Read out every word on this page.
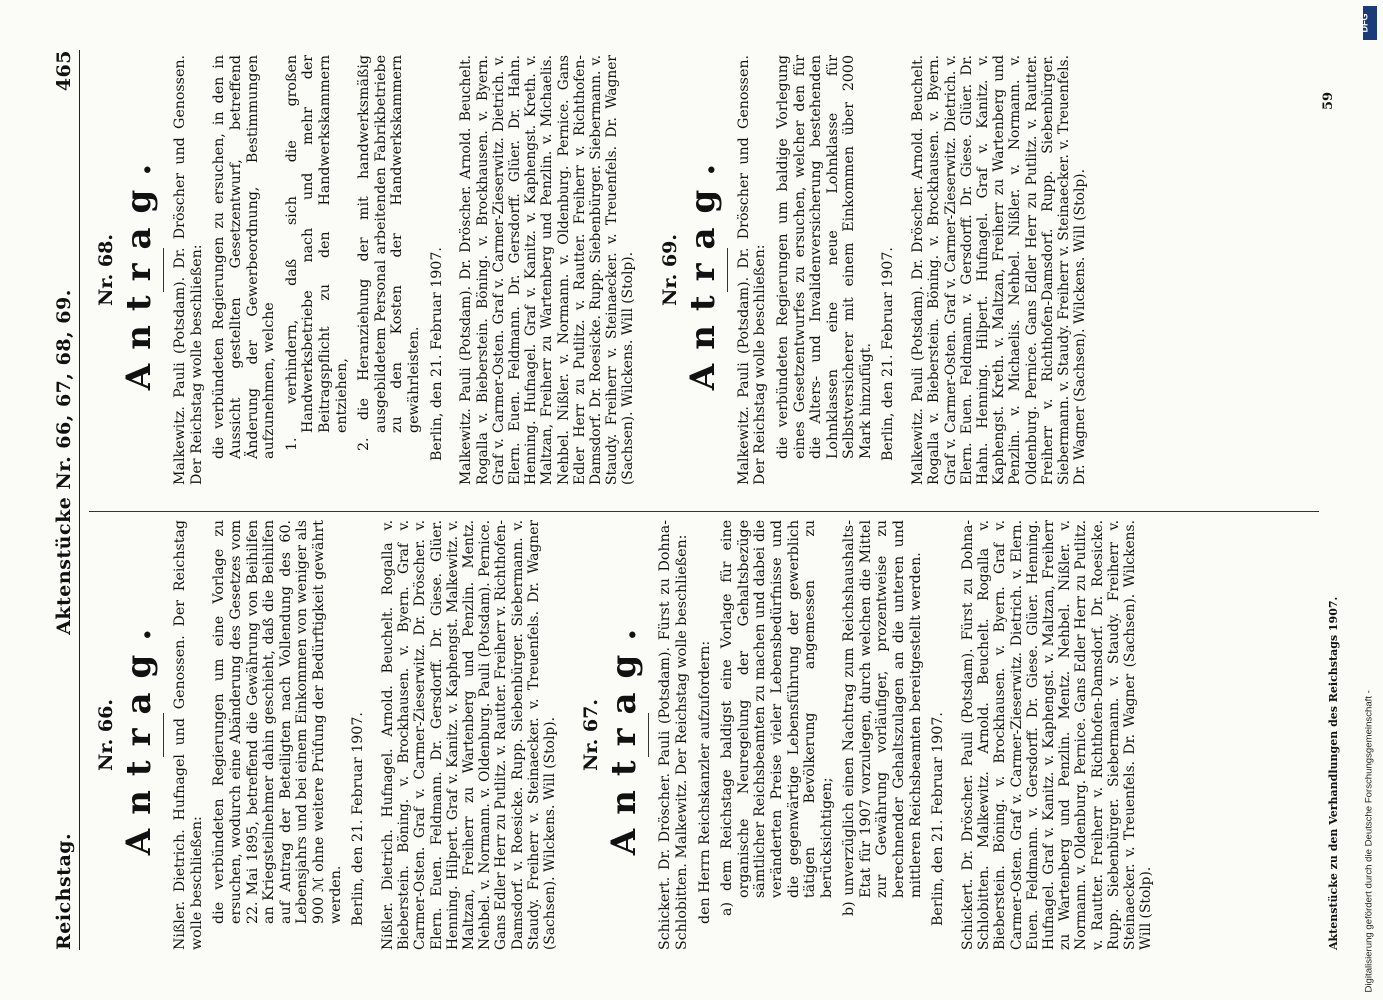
Reichstag.
Aktenstücke Nr. 66, 67, 68, 69.
465
Nr. 66. Antrag. Nißler. Dietrich. Hufnagel und Genossen. Der Reichstag wolle beschließen: die verbündeten Regierungen um eine Vorlage zu ersuchen, wodurch eine Abänderung des Gesetzes vom 22. Mai 1895, betreffend die Gewährung von Beihilfen an Kriegsteilnehmer dahin geschieht, daß die Beihilfen auf Antrag der Beteiligten nach Vollendung des 60. Lebensjahrs und bei einem Einkommen von weniger als 900 ℳ ohne weitere Prüfung der Bedürftigkeit gewährt werden. Berlin, den 21. Februar 1907. Nißler. Dietrich. Hufnagel. Arnold. Beuchelt. Rogalla v. Bieberstein. Böning. v. Brockhausen. v. Byern. Graf v. Carmer-Osten. Graf v. Carmer-Zieserwitz. Dr. Dröscher. v. Elern. Euen. Feldmann. Dr. Gersdorff. Dr. Giese. Glüer. Henning. Hilpert. Graf v. Kanitz. v. Kaphengst. Malkewitz. v. Maltzan, Freiherr zu Wartenberg und Penzlin. Mentz. Nehbel. v. Normann. v. Oldenburg. Pauli (Potsdam). Pernice. Gans Edler Herr zu Putlitz. v. Rautter. Freiherr v. Richthofen-Damsdorf. v. Roesicke. Rupp. Siebenbürger. Siebermann. v. Staudy. Freiherr v. Steinaecker. v. Treuenfels. Dr. Wagner (Sachsen). Wilckens. Will (Stolp). Nr. 67. Antrag. Schickert. Dr. Dröscher. Pauli (Potsdam). Fürst zu Dohna-Schlobitten. Malkewitz. Der Reichstag wolle beschließen: den Herrn Reichskanzler aufzufordern: a) dem Reichstage baldigst eine Vorlage für eine organische Neuregelung der Gehaltsbezüge sämtlicher Reichsbeamten zu machen und dabei die veränderten Preise vieler Lebensbedürfnisse und die gegenwärtige Lebensführung der gewerblich tätigen Bevölkerung angemessen zu berücksichtigen; b) unverzüglich einen Nachtrag zum Reichshaushalts-Etat für 1907 vorzulegen, durch welchen die Mittel zur Gewährung vorläufiger, prozentweise zu berechnender Gehaltszulagen an die unteren und mittleren Reichsbeamten bereitgestellt werden. Berlin, den 21. Februar 1907. Schickert. Dr. Dröscher. Pauli (Potsdam). Fürst zu Dohna-Schlobitten. Malkewitz. Arnold. Beuchelt. Rogalla v. Bieberstein. Böning. v. Brockhausen. v. Byern. Graf v. Carmer-Osten. Graf v. Carmer-Zieserwitz. Dietrich. v. Elern. Euen. Feldmann. v. Gersdorff. Dr. Giese. Glüer. Henning. Hufnagel. Graf v. Kanitz. v. Kaphengst. v. Maltzan, Freiherr zu Wartenberg und Penzlin. Mentz. Nehbel. Nißler. v. Normann. v. Oldenburg. Pernice. Gans Edler Herr zu Putlitz. v. Rautter. Freiherr v. Richthofen-Damsdorf. Dr. Roesicke. Rupp. Siebenbürger. Siebermann. v. Staudy. Freiherr v. Steinaecker. v. Treuenfels. Dr. Wagner (Sachsen). Wilckens. Will (Stolp).

Nr. 68. Antrag. Malkewitz. Pauli (Potsdam). Dr. Dröscher und Genossen. Der Reichstag wolle beschließen: die verbündeten Regierungen zu ersuchen, in den in Aussicht gestellten Gesetzentwurf, betreffend Änderung der Gewerbeordnung, Bestimmungen aufzunehmen, welche 1. verhindern, daß sich die großen Handwerksbetriebe nach und mehr der Beitragspflicht zu den Handwerkskammern entziehen, 2. die Heranziehung der mit handwerksmäßig ausgebildetem Personal arbeitenden Fabrikbetriebe zu den Kosten der Handwerkskammern gewährleisten. Berlin, den 21. Februar 1907. Malkewitz. Pauli (Potsdam). Dr. Dröscher. Arnold. Beuchelt. Rogalla v. Bieberstein. Böning. v. Brockhausen. v. Byern. Graf v. Carmer-Osten. Graf v. Carmer-Zieserwitz. Dietrich. v. Elern. Euen. Feldmann. Dr. Gersdorff. Glüer. Dr. Hahn. Henning. Hufnagel. Graf v. Kanitz. v. Kaphengst. Kreth. v. Maltzan, Freiherr zu Wartenberg und Penzlin. v. Michaelis. Nehbel. Nißler. v. Normann. v. Oldenburg. Pernice. Gans Edler Herr zu Putlitz. v. Rautter. Freiherr v. Richthofen-Damsdorf. Dr. Roesicke. Rupp. Siebenbürger. Siebermann. v. Staudy. Freiherr v. Steinaecker. v. Treuenfels. Dr. Wagner (Sachsen). Wilckens. Will (Stolp). Nr. 69. Antrag. Malkewitz. Pauli (Potsdam). Dr. Dröscher und Genossen. Der Reichstag wolle beschließen: die verbündeten Regierungen um baldige Vorlegung eines Gesetzentwurfes zu ersuchen, welcher den für die Alters- und Invalidenversicherung bestehenden Lohnklassen eine neue Lohnklasse für Selbstversicherer mit einem Einkommen über 2000 Mark hinzufügt. Berlin, den 21. Februar 1907. Malkewitz. Pauli (Potsdam). Dr. Dröscher. Arnold. Beuchelt. Rogalla v. Bieberstein. Böning. v. Brockhausen. v. Byern. Graf v. Carmer-Osten. Graf v. Carmer-Zieserwitz. Dietrich. v. Elern. Euen. Feldmann. v. Gersdorff. Dr. Giese. Glüer. Dr. Hahn. Henning. Hilpert. Hufnagel. Graf v. Kanitz. v. Kaphengst. Kreth. v. Maltzan, Freiherr zu Wartenberg und Penzlin. v. Michaelis. Nehbel. Nißler. v. Normann. v. Oldenburg. Pernice. Gans Edler Herr zu Putlitz. v. Rautter. Freiherr v. Richthofen-Damsdorf. Rupp. Siebenbürger. Siebermann. v. Staudy. Freiherr v. Steinaecker. v. Treuenfels. Dr. Wagner (Sachsen). Wilckens. Will (Stolp).

Aktenstücke zu den Verhandlungen des Reichstags 1907.
59
Digitalisierung gefördert durch die Deutsche Forschungsgemeinschaft -
DFG
